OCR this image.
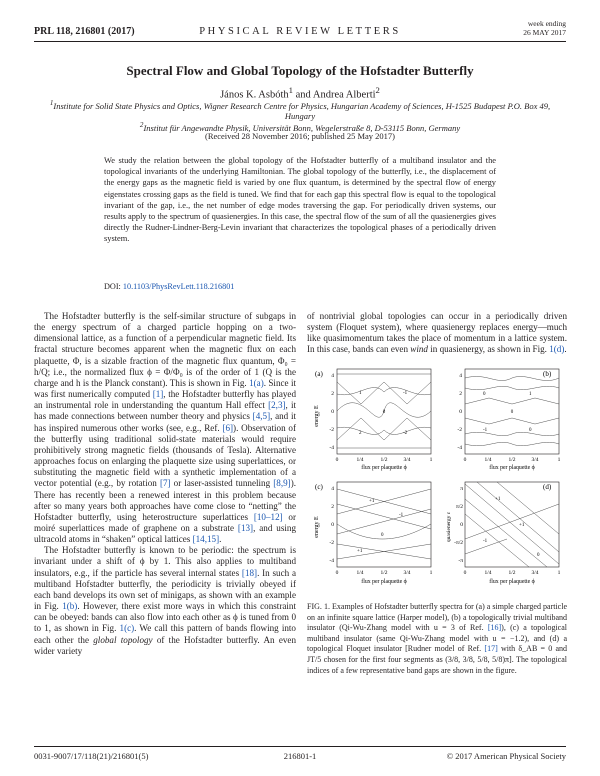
PRL 118, 216801 (2017)	PHYSICAL REVIEW LETTERS
week ending
26 MAY 2017
Spectral Flow and Global Topology of the Hofstadter Butterfly
János K. Asbóth$^1$ and Andrea Alberti$^2$
$^1$Institute for Solid State Physics and Optics, Wigner Research Centre for Physics, Hungarian Academy of Sciences, H-1525 Budapest P.O. Box 49, Hungary
$^2$Institut für Angewandte Physik, Universität Bonn, Wegelerstraße 8, D-53115 Bonn, Germany
(Received 28 November 2016; published 25 May 2017)
We study the relation between the global topology of the Hofstadter butterfly of a multiband insulator and the topological invariants of the underlying Hamiltonian. The global topology of the butterfly, i.e., the displacement of the energy gaps as the magnetic field is varied by one flux quantum, is determined by the spectral flow of energy eigenstates crossing gaps as the field is tuned. We find that for each gap this spectral flow is equal to the topological invariant of the gap, i.e., the net number of edge modes traversing the gap. For periodically driven systems, our results apply to the spectrum of quasienergies. In this case, the spectral flow of the sum of all the quasienergies gives directly the Rudner-Lindner-Berg-Levin invariant that characterizes the topological phases of a periodically driven system.
DOI: 10.1103/PhysRevLett.118.216801

The Hofstadter butterfly is the self-similar structure of subgaps in the energy spectrum of a charged particle hopping on a two-dimensional lattice, as a function of a perpendicular magnetic field. Its fractal structure becomes apparent when the magnetic flux on each plaquette, Φ, is a sizable fraction of the magnetic flux quantum, Φ₀ = h/Q; i.e., the normalized flux ϕ = Φ/Φ₀ is of the order of 1 (Q is the charge and h is the Planck constant). This is shown in Fig. 1(a). Since it was first numerically computed [1], the Hofstadter butterfly has played an instrumental role in understanding the quantum Hall effect [2,3], it has made connections between number theory and physics [4,5], and it has inspired numerous other works (see, e.g., Ref. [6]). Observation of the butterfly using traditional solid-state materials would require prohibitively strong magnetic fields (thousands of Tesla). Alternative approaches focus on enlarging the plaquette size using superlattices, or substituting the magnetic field with a synthetic implementation of a vector potential (e.g., by rotation [7] or laser-assisted tunneling [8,9]). There has recently been a renewed interest in this problem because after so many years both approaches have come close to “netting” the Hofstadter butterfly, using heterostructure superlattices [10–12] or moiré superlattices made of graphene on a substrate [13], and using ultracold atoms in “shaken” optical lattices [14,15].

The Hofstadter butterfly is known to be periodic: the spectrum is invariant under a shift of ϕ by 1. This also applies to multiband insulators, e.g., if the particle has several internal states [18]. In such a multiband Hofstadter butterfly, the periodicity is trivially obeyed if each band develops its own set of minigaps, as shown with an example in Fig. 1(b). However, there exist more ways in which this constraint can be obeyed: bands can also flow into each other as ϕ is tuned from 0 to 1, as shown in Fig. 1(c). We call this pattern of bands flowing into each other the global topology of the Hofstadter butterfly. An even wider variety

of nontrivial global topologies can occur in a periodically driven system (Floquet system), where quasienergy replaces energy—much like quasimomentum takes the place of momentum in a lattice system. In this case, bands can even wind in quasienergy, as shown in Fig. 1(d).

(a)
energy E
4
2
0
-2
-4
0
1	-1
2	-2
0	1/4	1/2	3/4	1
flux per plaquette ϕ
(b)
4
2
0
-2
-4
0
0	1
-1	0
0	1/4	1/2	3/4	1
flux per plaquette ϕ
(c)
energy E
4
2
0
-2
-4
+1
-1
0
+1
0	1/4	1/2	3/4	1
flux per plaquette ϕ
(d)
quasienergy ε
π
π/2
0
-π/2
-π
+1
+1
-1
0
0	1/4	1/2	3/4	1
flux per plaquette ϕ
FIG. 1. Examples of Hofstadter butterfly spectra for (a) a simple charged particle on an infinite square lattice (Harper model), (b) a topologically trivial multiband insulator (Qi-Wu-Zhang model with u = 3 of Ref. [16]), (c) a topological multiband insulator (same Qi-Wu-Zhang model with u = −1.2), and (d) a topological Floquet insulator [Rudner model of Ref. [17] with δ_AB = 0 and JT/5 chosen for the first four segments as (3/8, 3/8, 5/8, 5/8)π]. The topological indices of a few representative band gaps are shown in the figure.
0031-9007/17/118(21)/216801(5)	216801-1	© 2017 American Physical Society
